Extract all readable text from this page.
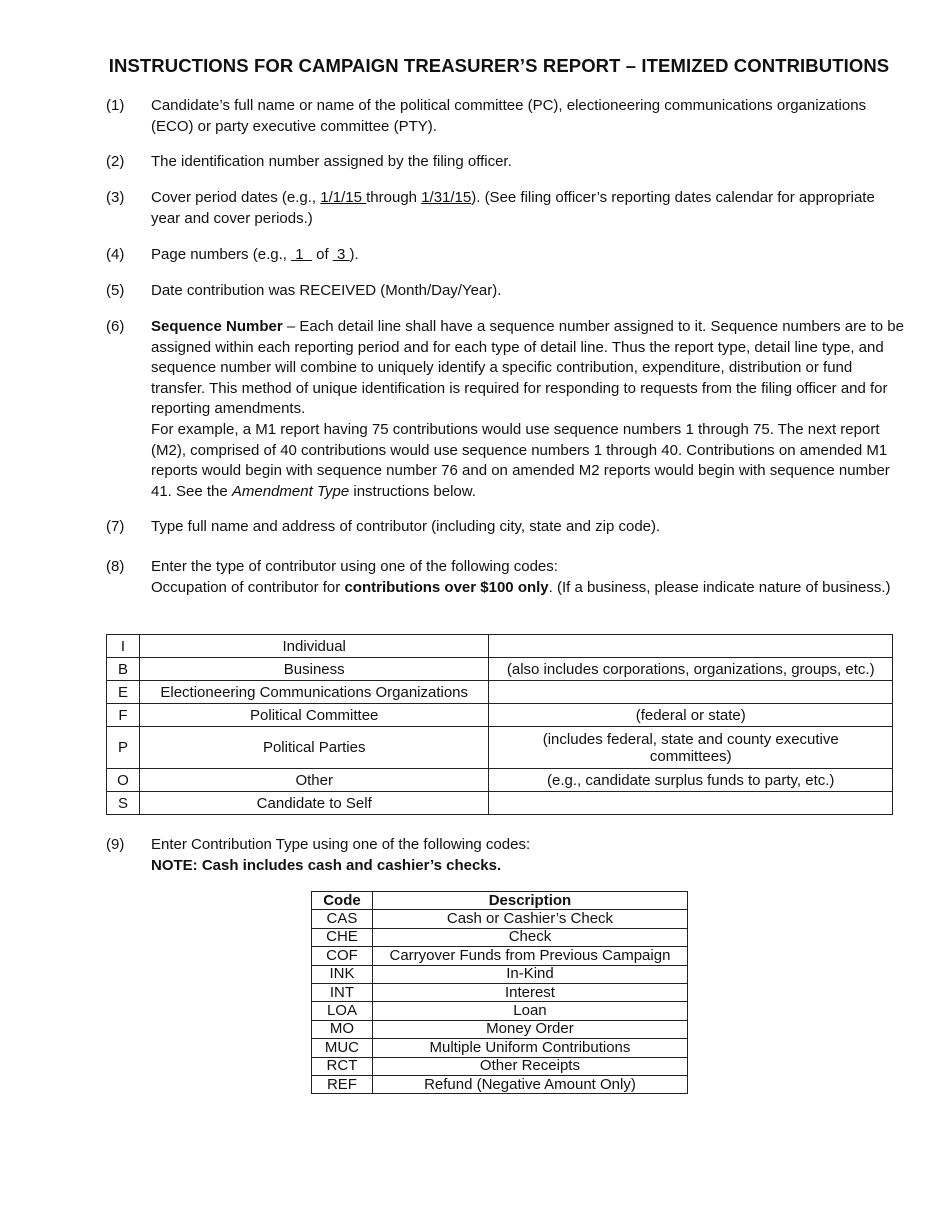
INSTRUCTIONS FOR CAMPAIGN TREASURER’S REPORT – ITEMIZED CONTRIBUTIONS
(1) Candidate’s full name or name of the political committee (PC), electioneering communications organizations (ECO) or party executive committee (PTY).
(2) The identification number assigned by the filing officer.
(3) Cover period dates (e.g., 1/1/15 through 1/31/15). (See filing officer’s reporting dates calendar for appropriate year and cover periods.)
(4) Page numbers (e.g.,  1   of  3 ).
(5) Date contribution was RECEIVED (Month/Day/Year).
(6) Sequence Number – Each detail line shall have a sequence number assigned to it. Sequence numbers are to be assigned within each reporting period and for each type of detail line. Thus the report type, detail line type, and sequence number will combine to uniquely identify a specific contribution, expenditure, distribution or fund transfer. This method of unique identification is required for responding to requests from the filing officer and for reporting amendments.
For example, a M1 report having 75 contributions would use sequence numbers 1 through 75. The next report (M2), comprised of 40 contributions would use sequence numbers 1 through 40. Contributions on amended M1 reports would begin with sequence number 76 and on amended M2 reports would begin with sequence number 41. See the Amendment Type instructions below.
(7) Type full name and address of contributor (including city, state and zip code).
(8) Enter the type of contributor using one of the following codes:
Occupation of contributor for contributions over $100 only. (If a business, please indicate nature of business.)
I	Individual	
B	Business	(also includes corporations, organizations, groups, etc.)
E	Electioneering Communications Organizations	
F	Political Committee	(federal or state)
P	Political Parties	(includes federal, state and county executive committees)
O	Other	(e.g., candidate surplus funds to party, etc.)
S	Candidate to Self	
(9) Enter Contribution Type using one of the following codes:
NOTE: Cash includes cash and cashier’s checks.
Code	Description
CAS	Cash or Cashier’s Check
CHE	Check
COF	Carryover Funds from Previous Campaign
INK	In-Kind
INT	Interest
LOA	Loan
MO	Money Order
MUC	Multiple Uniform Contributions
RCT	Other Receipts
REF	Refund (Negative Amount Only)
